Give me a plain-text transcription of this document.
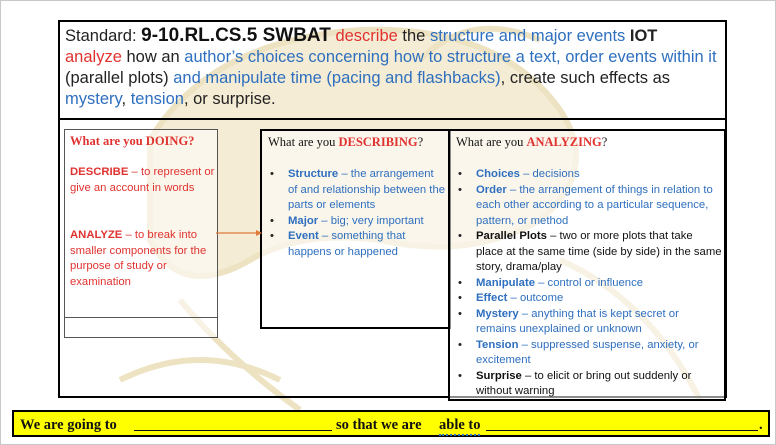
Standard: 9-10.RL.CS.5 SWBAT describe the structure and major events IOT analyze how an author’s choices concerning how to structure a text, order events within it (parallel plots) and manipulate time (pacing and flashbacks), create such effects as mystery, tension, or surprise.
What are you DOING?
DESCRIBE – to represent or give an account in words
ANALYZE – to break into smaller components for the purpose of study or examination
What are you DESCRIBING?
• Structure – the arrangement of and relationship between the parts or elements
• Major – big; very important
• Event – something that happens or happened
What are you ANALYZING?
• Choices – decisions
• Order – the arrangement of things in relation to each other according to a particular sequence, pattern, or method
• Parallel Plots – two or more plots that take place at the same time (side by side) in the same story, drama/play
• Manipulate – control or influence
• Effect – outcome
• Mystery – anything that is kept secret or remains unexplained or unknown
• Tension – suppressed suspense, anxiety, or excitement
• Surprise – to elicit or bring out suddenly or without warning
We are going to	so that we are able to	.
